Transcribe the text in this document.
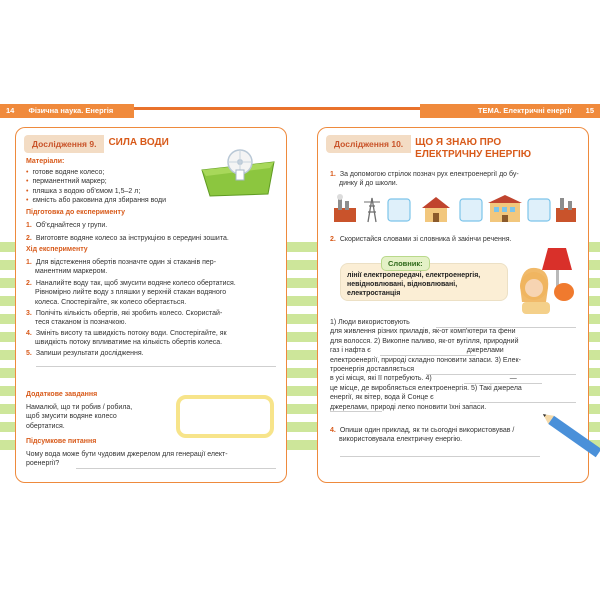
14 Фізична наука. Енергія	ТЕМА. Електричні енергії 15
Дослідження 9.	СИЛА ВОДИ
Матеріали:
• готове водяне колесо;
• перманентний маркер;
• пляшка з водою об'ємом 1,5–2 л;
• ємність або раковина для збирання води
Підготовка до експерименту
1. Об'єднайтеся у групи.
2. Виготовте водяне колесо за інструкцією в середині зошита.
Хід експерименту
1. Для відстеження обертів позначте один зі стаканів пер-
манентним маркером.
2. Наналийте воду так, щоб змусити водяне колесо обертатися.
Рівномірно лийте воду з пляшки у верхній стакан водяного
колеса. Спостерігайте, як колесо обертається.
3. Полічіть кількість обертів, які зробить колесо. Скористай-
теся стаканом із позначкою.
4. Змініть висоту та швидкість потоку води. Спостерігайте, як
швидкість потоку впливатиме на кількість обертів колеса.
5. Запиши результати дослідження.
Додаткове завдання
Намалюй, що ти робив / робила,
щоб змусити водяне колесо
обертатися.
Підсумкове питання
Чому вода може бути чудовим джерелом для генерації елект-
роенергії?
Дослідження 10.	ЩО Я ЗНАЮ ПРО
ЕЛЕКТРИЧНУ ЕНЕРГІЮ
1. За допомогою стрілок познач рух електроенергії до бу-
динку й до школи.
2. Скористайся словами зі словника й закінчи речення.
Словник:
лінії електропередачі, електроенергія,
невідновлювані, відновлювані,
електростанція
1) Люди використовують
для живлення різних приладів, як-от комп'ютери та фени
для волосся. 2) Викопне паливо, як-от вугілля, природний
газ і нафта є	джерелами
електроенергії, природі складно поновити запаси. 3) Елек-
троенергія доставляється
в усі місця, які її потребують. 4)	—
це місце, де виробляється електроенергія. 5) Такі джерела
енергії, як вітер, вода й Сонце є
джерелами, природі легко поновити їхні запаси.
4. Опиши один приклад, як ти сьогодні використовував /
використовувала електричну енергію.
